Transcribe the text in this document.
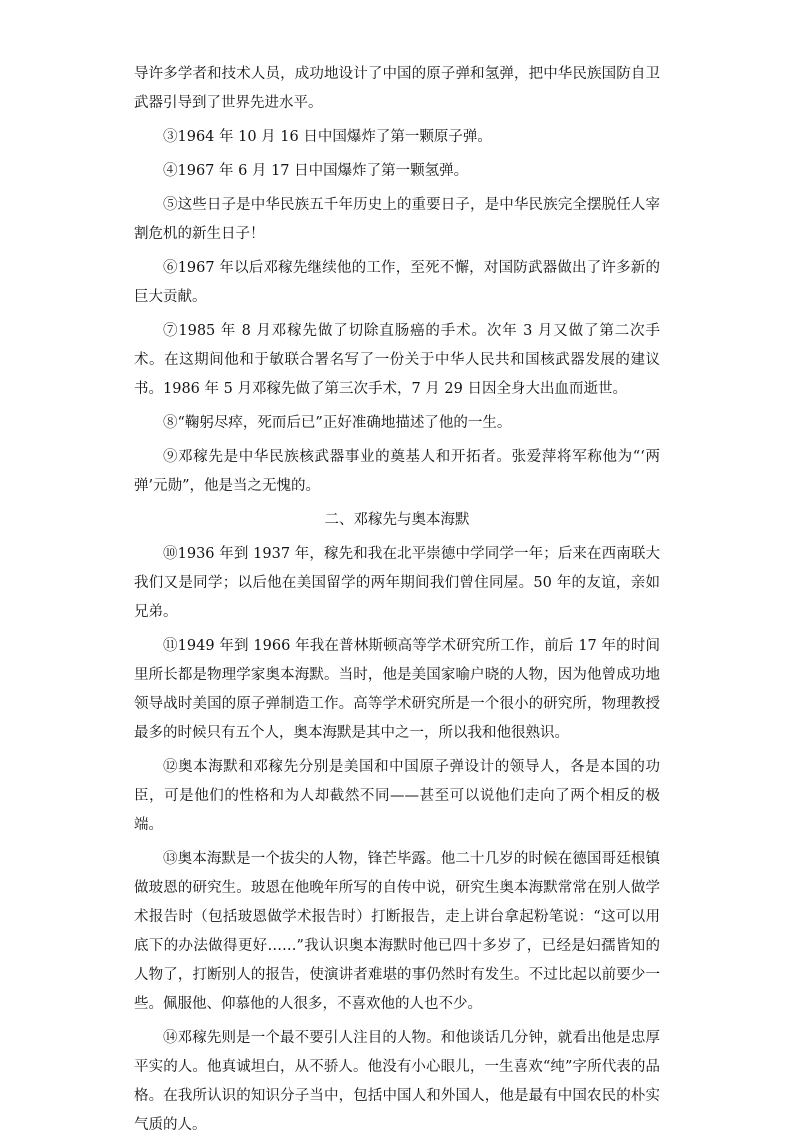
导许多学者和技术人员，成功地设计了中国的原子弹和氢弹，把中华民族国防自卫武器引导到了世界先进水平。

③1964 年 10 月 16 日中国爆炸了第一颗原子弹。

④1967 年 6 月 17 日中国爆炸了第一颗氢弹。

⑤这些日子是中华民族五千年历史上的重要日子，是中华民族完全摆脱任人宰割危机的新生日子！

⑥1967 年以后邓稼先继续他的工作，至死不懈，对国防武器做出了许多新的巨大贡献。

⑦1985 年 8 月邓稼先做了切除直肠癌的手术。次年 3 月又做了第二次手术。在这期间他和于敏联合署名写了一份关于中华人民共和国核武器发展的建议书。1986 年 5 月邓稼先做了第三次手术，7 月 29 日因全身大出血而逝世。

⑧“鞠躬尽瘁，死而后已”正好准确地描述了他的一生。

⑨邓稼先是中华民族核武器事业的奠基人和开拓者。张爱萍将军称他为“‘两弹’元勋”，他是当之无愧的。

二、邓稼先与奥本海默

⑩1936 年到 1937 年，稼先和我在北平崇德中学同学一年；后来在西南联大我们又是同学；以后他在美国留学的两年期间我们曾住同屋。50 年的友谊，亲如兄弟。

⑪1949 年到 1966 年我在普林斯顿高等学术研究所工作，前后 17 年的时间里所长都是物理学家奥本海默。当时，他是美国家喻户晓的人物，因为他曾成功地领导战时美国的原子弹制造工作。高等学术研究所是一个很小的研究所，物理教授最多的时候只有五个人，奥本海默是其中之一，所以我和他很熟识。

⑫奥本海默和邓稼先分别是美国和中国原子弹设计的领导人，各是本国的功臣，可是他们的性格和为人却截然不同——甚至可以说他们走向了两个相反的极端。

⑬奥本海默是一个拔尖的人物，锋芒毕露。他二十几岁的时候在德国哥廷根镇做玻恩的研究生。玻恩在他晚年所写的自传中说，研究生奥本海默常常在别人做学术报告时（包括玻恩做学术报告时）打断报告，走上讲台拿起粉笔说：“这可以用底下的办法做得更好……”我认识奥本海默时他已四十多岁了，已经是妇孺皆知的人物了，打断别人的报告，使演讲者难堪的事仍然时有发生。不过比起以前要少一些。佩服他、仰慕他的人很多，不喜欢他的人也不少。

⑭邓稼先则是一个最不要引人注目的人物。和他谈话几分钟，就看出他是忠厚平实的人。他真诚坦白，从不骄人。他没有小心眼儿，一生喜欢“纯”字所代表的品格。在我所认识的知识分子当中，包括中国人和外国人，他是最有中国农民的朴实气质的人。
